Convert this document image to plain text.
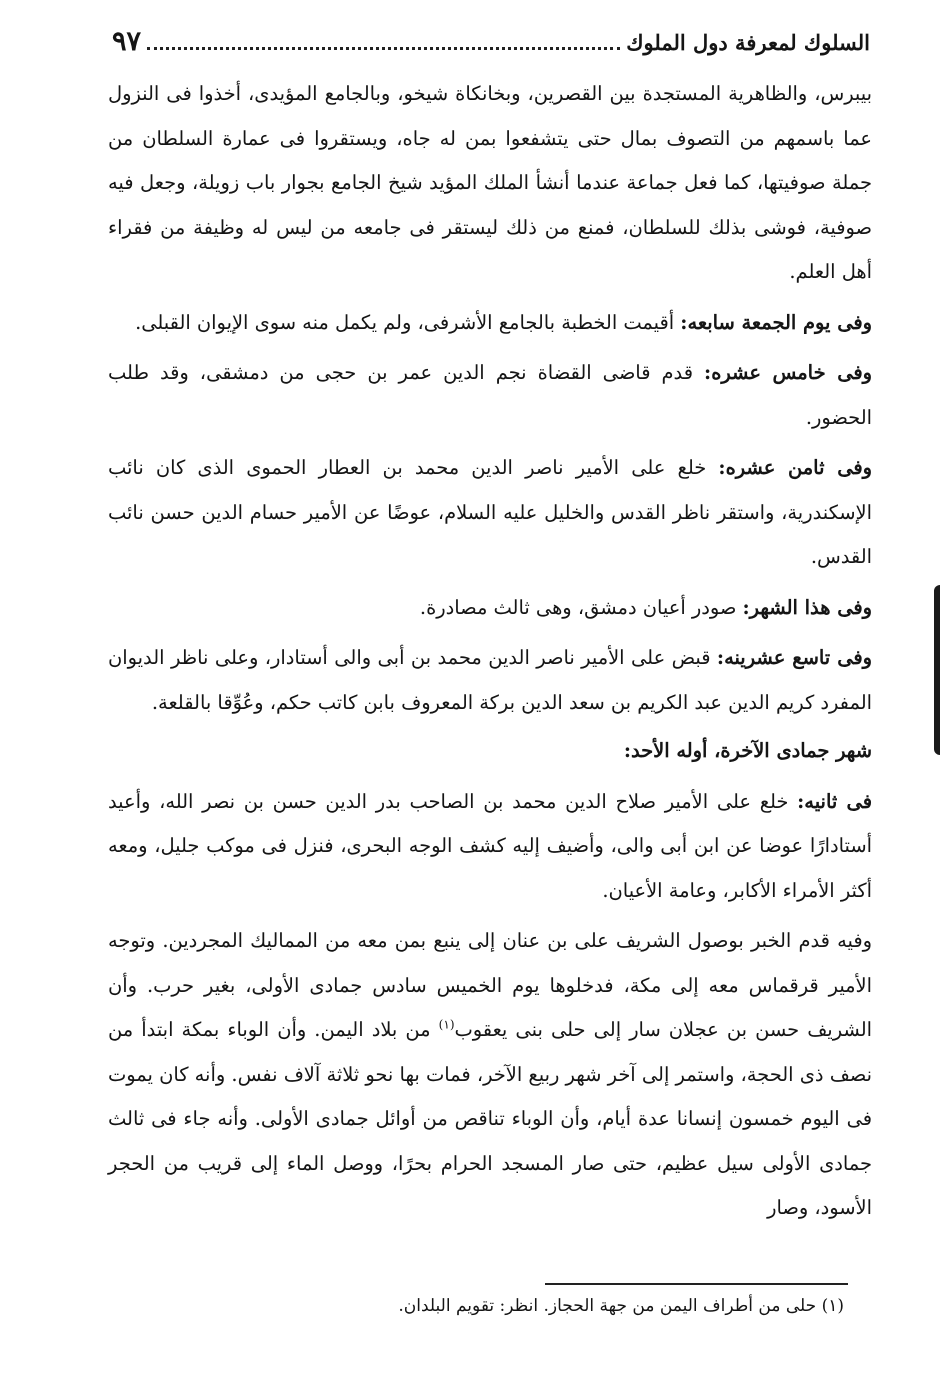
السلوك لمعرفة دول الملوك
٩٧

بيبرس، والظاهرية المستجدة بين القصرين، وبخانكاة شيخو، وبالجامع المؤيدى، أخذوا فى النزول عما باسمهم من التصوف بمال حتى يتشفعوا بمن له جاه، ويستقروا فى عمارة السلطان من جملة صوفيتها، كما فعل جماعة عندما أنشأ الملك المؤيد شيخ الجامع بجوار باب زويلة، وجعل فيه صوفية، فوشى بذلك للسلطان، فمنع من ذلك ليستقر فى جامعه من ليس له وظيفة من فقراء أهل العلم.

وفى يوم الجمعة سابعه: أقيمت الخطبة بالجامع الأشرفى، ولم يكمل منه سوى الإيوان القبلى.

وفى خامس عشره: قدم قاضى القضاة نجم الدين عمر بن حجى من دمشقى، وقد طلب الحضور.

وفى ثامن عشره: خلع على الأمير ناصر الدين محمد بن العطار الحموى الذى كان نائب الإسكندرية، واستقر ناظر القدس والخليل عليه السلام، عوضًا عن الأمير حسام الدين حسن نائب القدس.

وفى هذا الشهر: صودر أعيان دمشق، وهى ثالث مصادرة.

وفى تاسع عشرينه: قبض على الأمير ناصر الدين محمد بن أبى والى أستادار، وعلى ناظر الديوان المفرد كريم الدين عبد الكريم بن سعد الدين بركة المعروف بابن كاتب حكم، وعُوِّقا بالقلعة.

شهر جمادى الآخرة، أوله الأحد:

فى ثانيه: خلع على الأمير صلاح الدين محمد بن الصاحب بدر الدين حسن بن نصر الله، وأعيد أستادارًا عوضا عن ابن أبى والى، وأضيف إليه كشف الوجه البحرى، فنزل فى موكب جليل، ومعه أكثر الأمراء الأكابر، وعامة الأعيان.

وفيه قدم الخبر بوصول الشريف على بن عنان إلى ينبع بمن معه من المماليك المجردين. وتوجه الأمير قرقماس معه إلى مكة، فدخلوها يوم الخميس سادس جمادى الأولى، بغير حرب. وأن الشريف حسن بن عجلان سار إلى حلى بنى يعقوب$^{(١)}$ من بلاد اليمن. وأن الوباء بمكة ابتدأ من نصف ذى الحجة، واستمر إلى آخر شهر ربيع الآخر، فمات بها نحو ثلاثة آلاف نفس. وأنه كان يموت فى اليوم خمسون إنسانا عدة أيام، وأن الوباء تناقص من أوائل جمادى الأولى. وأنه جاء فى ثالث جمادى الأولى سيل عظيم، حتى صار المسجد الحرام بحرًا، ووصل الماء إلى قريب من الحجر الأسود، وصار

(١) حلى من أطراف اليمن من جهة الحجاز. انظر: تقويم البلدان.
